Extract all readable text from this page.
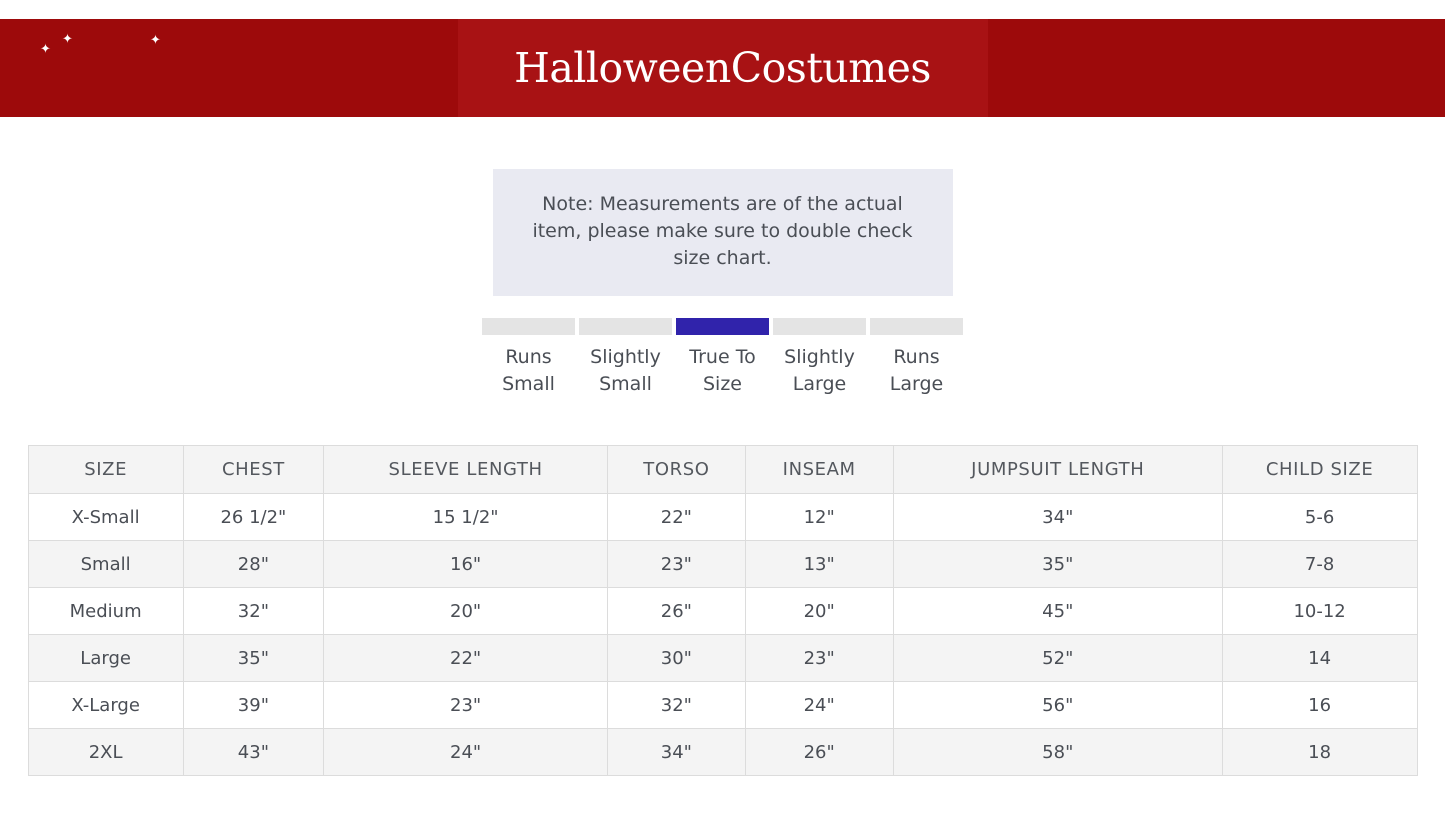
✦
✦	✦
HalloweenCostumes
Note: Measurements are of the actual item, please make sure to double check size chart.
Runs Small
Slightly Small
True To Size
Slightly Large
Runs Large
SIZE	CHEST	SLEEVE LENGTH	TORSO	INSEAM	JUMPSUIT LENGTH	CHILD SIZE
X-Small	26 1/2"	15 1/2"	22"	12"	34"	5-6
Small	28"	16"	23"	13"	35"	7-8
Medium	32"	20"	26"	20"	45"	10-12
Large	35"	22"	30"	23"	52"	14
X-Large	39"	23"	32"	24"	56"	16
2XL	43"	24"	34"	26"	58"	18
